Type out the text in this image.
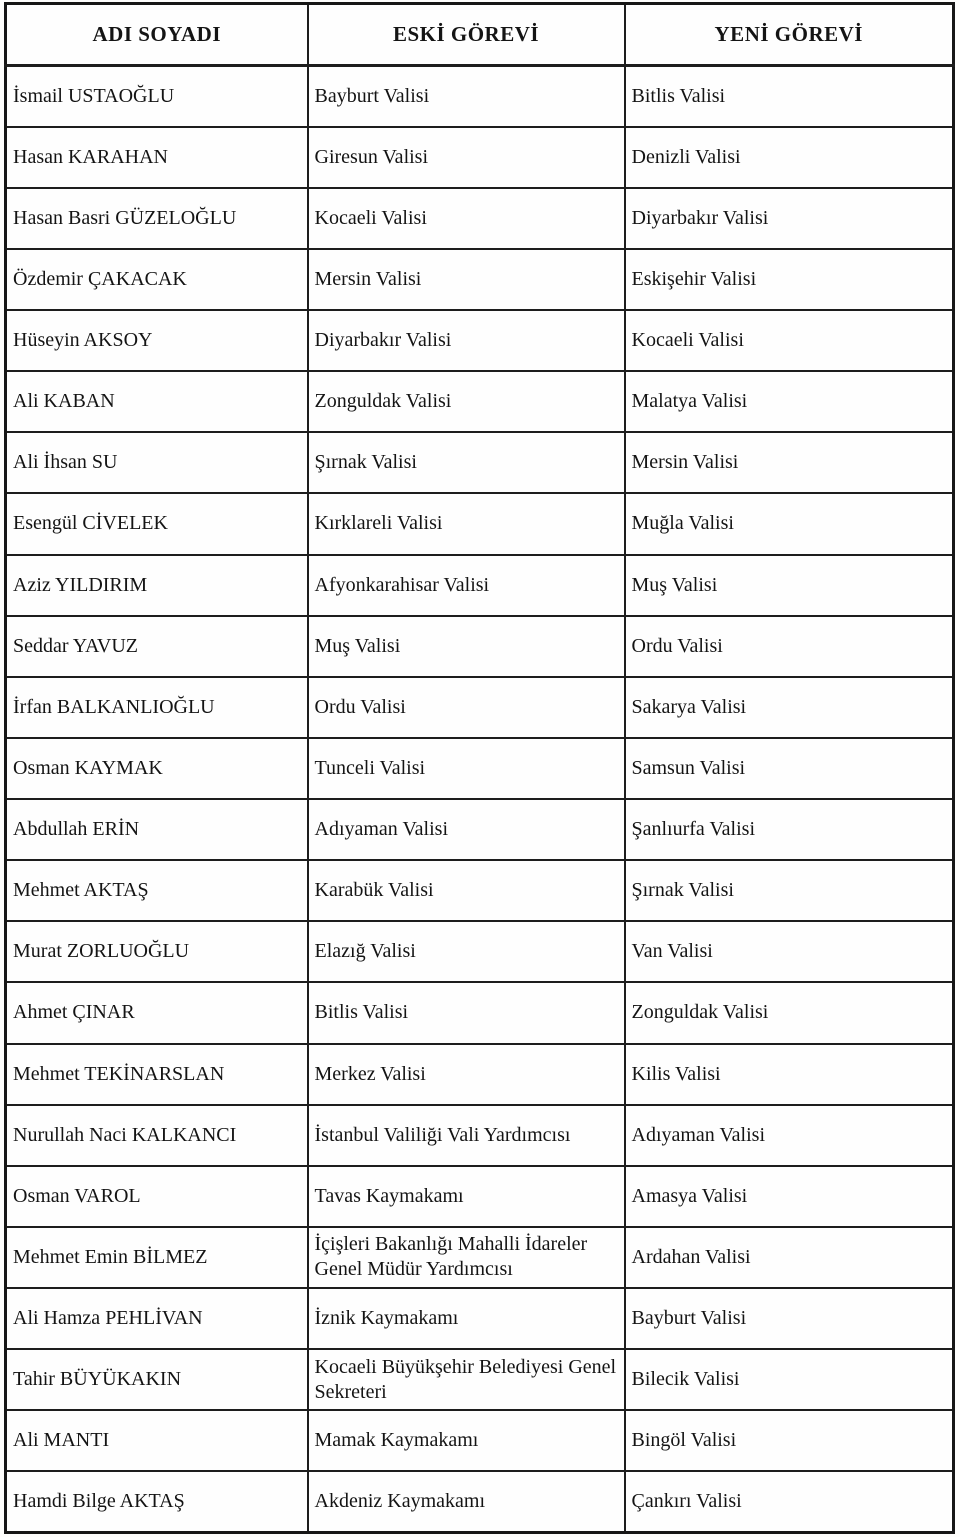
ADI SOYADI	ESKİ GÖREVİ	YENİ GÖREVİ
İsmail USTAOĞLU	Bayburt Valisi	Bitlis Valisi
Hasan KARAHAN	Giresun Valisi	Denizli Valisi
Hasan Basri GÜZELOĞLU	Kocaeli Valisi	Diyarbakır Valisi
Özdemir ÇAKACAK	Mersin Valisi	Eskişehir Valisi
Hüseyin AKSOY	Diyarbakır Valisi	Kocaeli Valisi
Ali KABAN	Zonguldak Valisi	Malatya Valisi
Ali İhsan SU	Şırnak Valisi	Mersin Valisi
Esengül CİVELEK	Kırklareli Valisi	Muğla Valisi
Aziz YILDIRIM	Afyonkarahisar Valisi	Muş Valisi
Seddar YAVUZ	Muş Valisi	Ordu Valisi
İrfan BALKANLIOĞLU	Ordu Valisi	Sakarya Valisi
Osman KAYMAK	Tunceli Valisi	Samsun Valisi
Abdullah ERİN	Adıyaman Valisi	Şanlıurfa Valisi
Mehmet AKTAŞ	Karabük Valisi	Şırnak Valisi
Murat ZORLUOĞLU	Elazığ Valisi	Van Valisi
Ahmet ÇINAR	Bitlis Valisi	Zonguldak Valisi
Mehmet TEKİNARSLAN	Merkez Valisi	Kilis Valisi
Nurullah Naci KALKANCI	İstanbul Valiliği Vali Yardımcısı	Adıyaman Valisi
Osman VAROL	Tavas Kaymakamı	Amasya Valisi
Mehmet Emin BİLMEZ	İçişleri Bakanlığı Mahalli İdareler Genel Müdür Yardımcısı	Ardahan Valisi
Ali Hamza PEHLİVAN	İznik Kaymakamı	Bayburt Valisi
Tahir BÜYÜKAKIN	Kocaeli Büyükşehir Belediyesi Genel Sekreteri	Bilecik Valisi
Ali MANTI	Mamak Kaymakamı	Bingöl Valisi
Hamdi Bilge AKTAŞ	Akdeniz Kaymakamı	Çankırı Valisi
